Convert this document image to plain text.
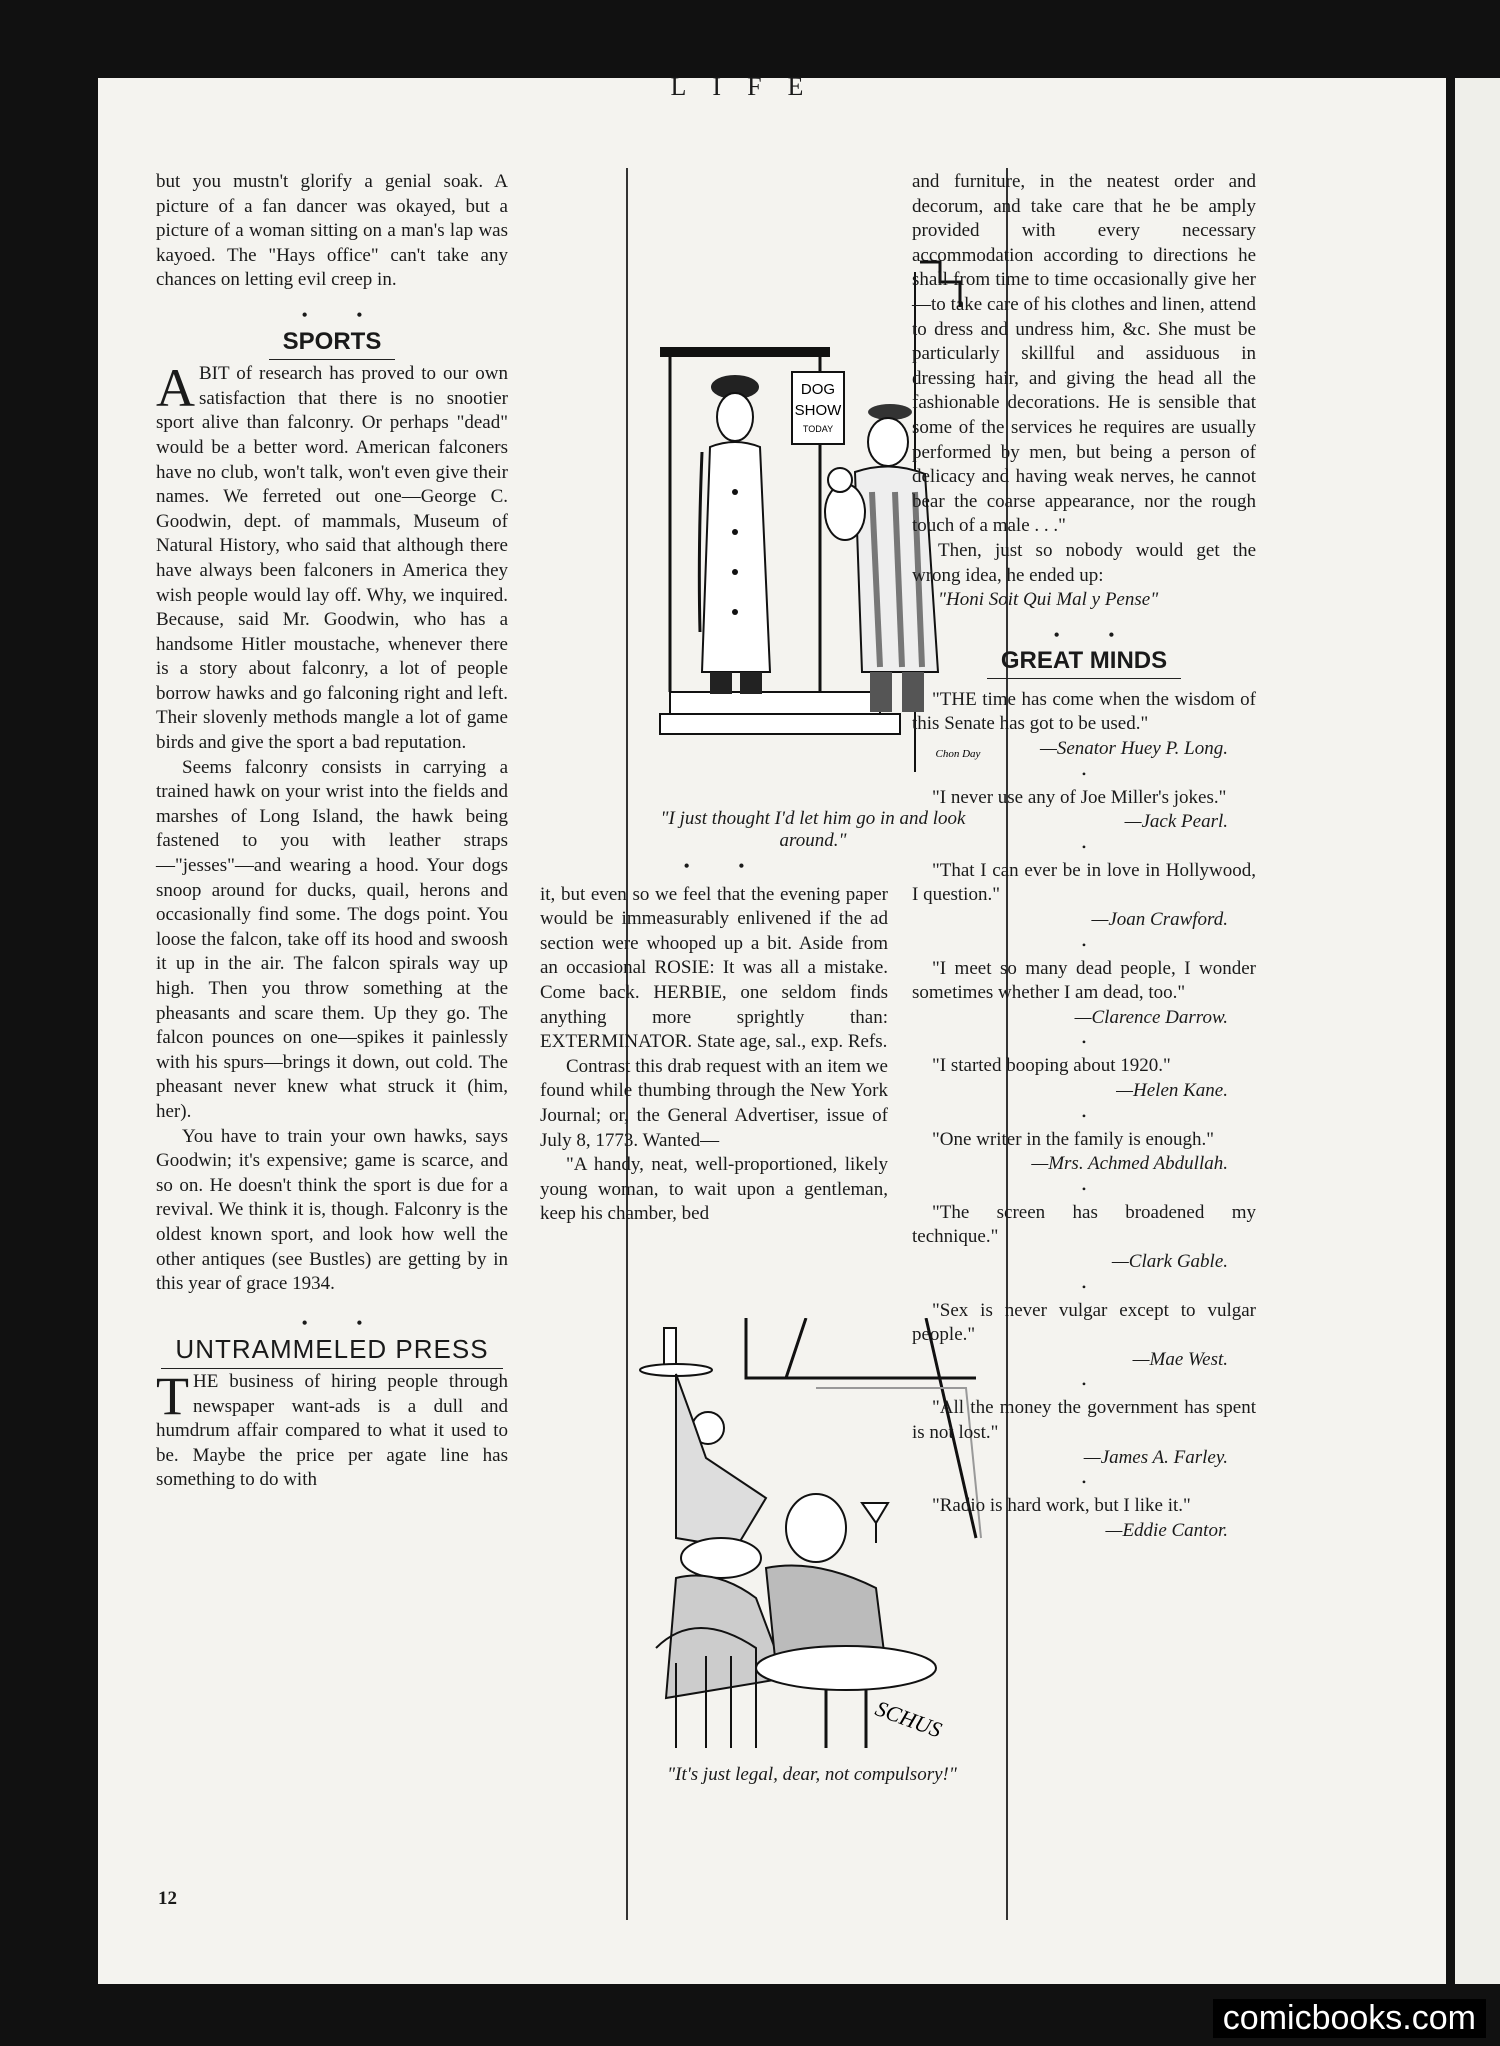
LIFE

but you mustn't glorify a genial soak. A picture of a fan dancer was okayed, but a picture of a woman sitting on a man's lap was kayoed. The "Hays office" can't take any chances on letting evil creep in.

• •
SPORTS

ABIT of research has proved to our own satisfaction that there is no snootier sport alive than falconry. Or perhaps "dead" would be a better word. American falconers have no club, won't talk, won't even give their names. We ferreted out one—George C. Goodwin, dept. of mammals, Museum of Natural History, who said that although there have always been falconers in America they wish people would lay off. Why, we inquired. Because, said Mr. Goodwin, who has a handsome Hitler moustache, whenever there is a story about falconry, a lot of people borrow hawks and go falconing right and left. Their slovenly methods mangle a lot of game birds and give the sport a bad reputation.

Seems falconry consists in carrying a trained hawk on your wrist into the fields and marshes of Long Island, the hawk being fastened to you with leather straps—"jesses"—and wearing a hood. Your dogs snoop around for ducks, quail, herons and occasionally find some. The dogs point. You loose the falcon, take off its hood and swoosh it up in the air. The falcon spirals way up high. Then you throw something at the pheasants and scare them. Up they go. The falcon pounces on one—spikes it painlessly with his spurs—brings it down, out cold. The pheasant never knew what struck it (him, her).

You have to train your own hawks, says Goodwin; it's expensive; game is scarce, and so on. He doesn't think the sport is due for a revival. We think it is, though. Falconry is the oldest known sport, and look how well the other antiques (see Bustles) are getting by in this year of grace 1934.

• •
UNTRAMMELED PRESS

THE business of hiring people through newspaper want-ads is a dull and humdrum affair compared to what it used to be. Maybe the price per agate line has something to do with

DOG
SHOW
TODAY
Chon Day
"I just thought I'd let him go in and look around."
• •

it, but even so we feel that the evening paper would be immeasurably enlivened if the ad section were whooped up a bit. Aside from an occasional ROSIE: It was all a mistake. Come back. HERBIE, one seldom finds anything more sprightly than: EXTERMINATOR. State age, sal., exp. Refs.

Contrast this drab request with an item we found while thumbing through the New York Journal; or, the General Advertiser, issue of July 8, 1773. Wanted—

"A handy, neat, well-proportioned, likely young woman, to wait upon a gentleman, keep his chamber, bed

SCHUS
"It's just legal, dear, not compulsory!"

and furniture, in the neatest order and decorum, and take care that he be amply provided with every necessary accommodation according to directions he shall from time to time occasionally give her—to take care of his clothes and linen, attend to dress and undress him, &c. She must be particularly skillful and assiduous in dressing hair, and giving the head all the fashionable decorations. He is sensible that some of the services he requires are usually performed by men, but being a person of delicacy and having weak nerves, he cannot bear the coarse appearance, nor the rough touch of a male . . ."

Then, just so nobody would get the wrong idea, he ended up:

"Honi Soit Qui Mal y Pense"

• •
GREAT MINDS

"THE time has come when the wisdom of this Senate has got to be used."

—Senator Huey P. Long.

•

"I never use any of Joe Miller's jokes."

—Jack Pearl.

•

"That I can ever be in love in Hollywood, I question."

—Joan Crawford.

•

"I meet so many dead people, I wonder sometimes whether I am dead, too."

—Clarence Darrow.

•

"I started booping about 1920."

—Helen Kane.

•

"One writer in the family is enough."

—Mrs. Achmed Abdullah.

•

"The screen has broadened my technique."

—Clark Gable.

•

"Sex is never vulgar except to vulgar people."

—Mae West.

•

"All the money the government has spent is not lost."

—James A. Farley.

•

"Radio is hard work, but I like it."

—Eddie Cantor.

12
comicbooks.com
